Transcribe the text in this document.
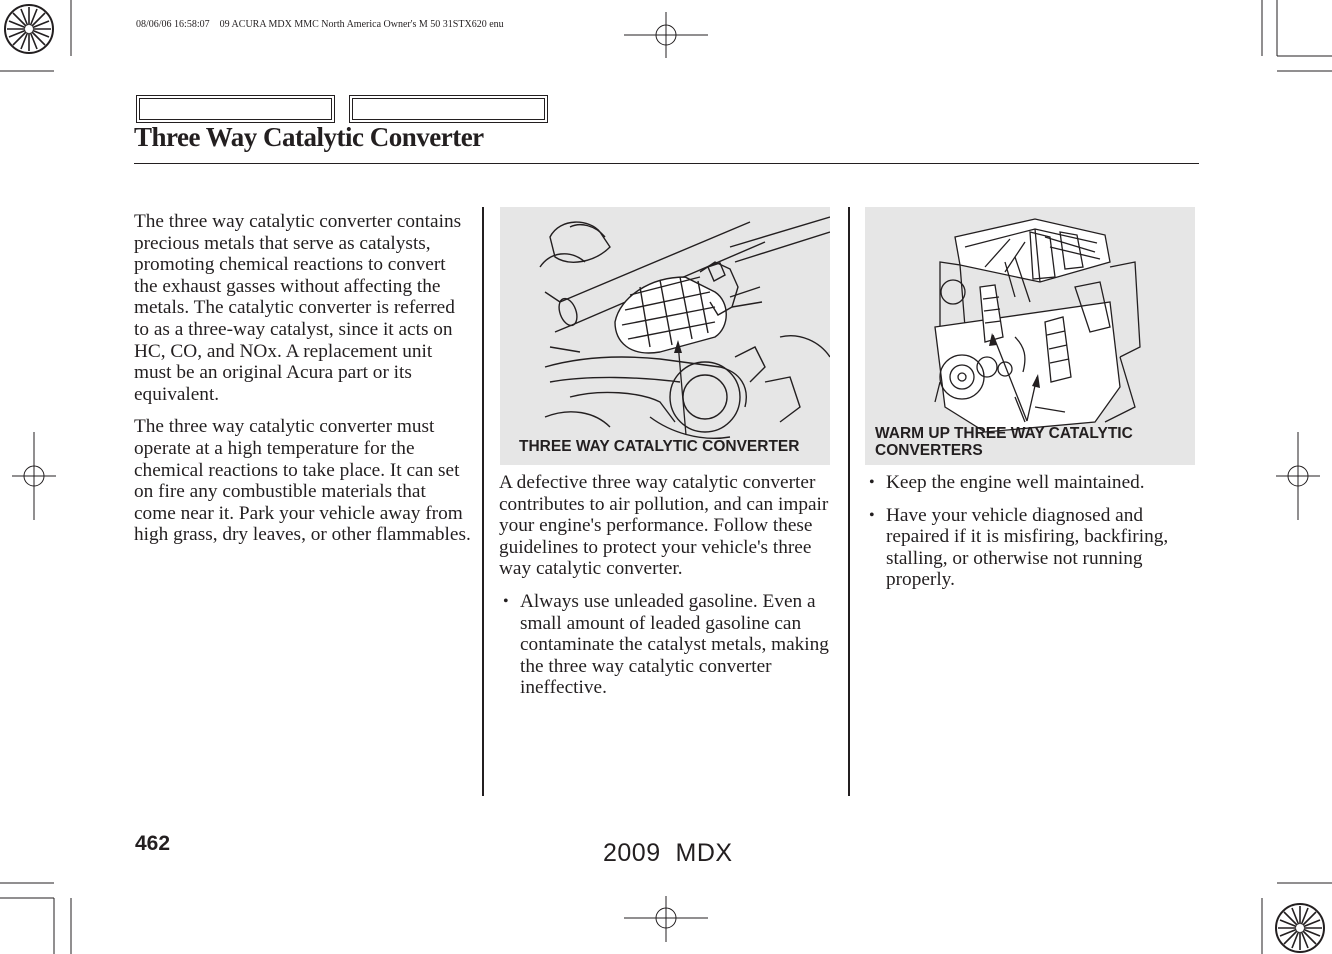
08/06/06 16:58:07    09 ACURA MDX MMC North America Owner's M 50 31STX620 enu
Three Way Catalytic Converter

The three way catalytic converter contains precious metals that serve as catalysts, promoting chemical reactions to convert the exhaust gasses without affecting the metals. The catalytic converter is referred to as a three-way catalyst, since it acts on HC, CO, and NOx. A replacement unit must be an original Acura part or its equivalent.

The three way catalytic converter must operate at a high temperature for the chemical reactions to take place. It can set on fire any combustible materials that come near it. Park your vehicle away from high grass, dry leaves, or other flammables.

THREE WAY CATALYTIC CONVERTER

A defective three way catalytic converter contributes to air pollution, and can impair your engine's performance. Follow these guidelines to protect your vehicle's three way catalytic converter.

• Always use unleaded gasoline. Even a small amount of leaded gasoline can contaminate the catalyst metals, making the three way catalytic converter ineffective.
WARM UP THREE WAY CATALYTIC CONVERTERS
• Keep the engine well maintained.
• Have your vehicle diagnosed and repaired if it is misfiring, backfiring, stalling, or otherwise not running properly.
462	2009  MDX
